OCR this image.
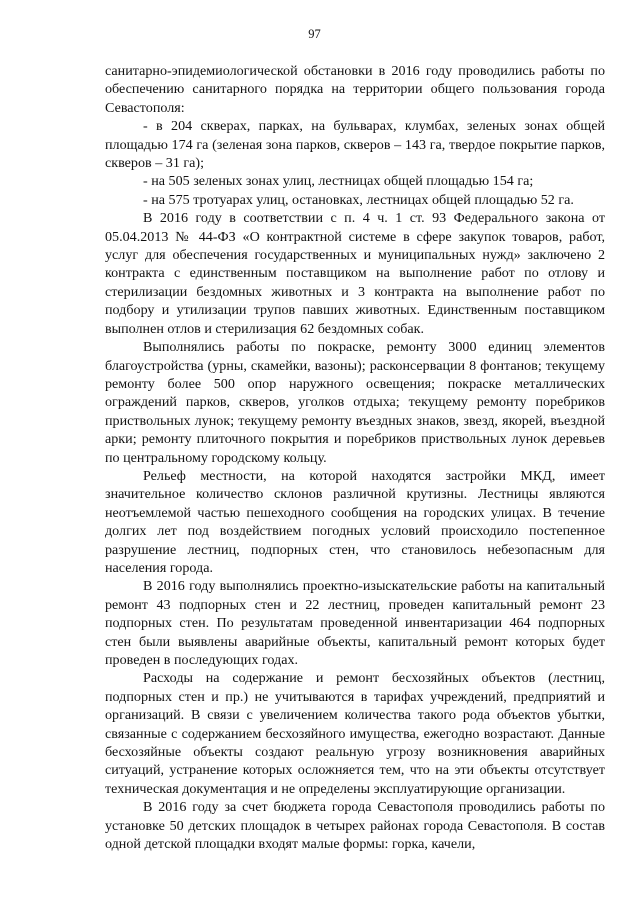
97

санитарно-эпидемиологической обстановки в 2016 году проводились работы по обеспечению санитарного порядка на территории общего пользования города Севастополя:

- в 204 скверах, парках, на бульварах, клумбах, зеленых зонах общей площадью 174 га (зеленая зона парков, скверов – 143 га, твердое покрытие парков, скверов – 31 га);

- на 505 зеленых зонах улиц, лестницах общей площадью 154 га;

- на 575 тротуарах улиц, остановках, лестницах общей площадью 52 га.

В 2016 году в соответствии с п. 4 ч. 1 ст. 93 Федерального закона от 05.04.2013 № 44-ФЗ «О контрактной системе в сфере закупок товаров, работ, услуг для обеспечения государственных и муниципальных нужд» заключено 2 контракта с единственным поставщиком на выполнение работ по отлову и стерилизации бездомных животных и 3 контракта на выполнение работ по подбору и утилизации трупов павших животных. Единственным поставщиком выполнен отлов и стерилизация 62 бездомных собак.

Выполнялись работы по покраске, ремонту 3000 единиц элементов благоустройства (урны, скамейки, вазоны); расконсервации 8 фонтанов; текущему ремонту более 500 опор наружного освещения; покраске металлических ограждений парков, скверов, уголков отдыха; текущему ремонту поребриков приствольных лунок; текущему ремонту въездных знаков, звезд, якорей, въездной арки; ремонту плиточного покрытия и поребриков приствольных лунок деревьев по центральному городскому кольцу.

Рельеф местности, на которой находятся застройки МКД, имеет значительное количество склонов различной крутизны. Лестницы являются неотъемлемой частью пешеходного сообщения на городских улицах. В течение долгих лет под воздействием погодных условий происходило постепенное разрушение лестниц, подпорных стен, что становилось небезопасным для населения города.

В 2016 году выполнялись проектно-изыскательские работы на капитальный ремонт 43 подпорных стен и 22 лестниц, проведен капитальный ремонт 23 подпорных стен. По результатам проведенной инвентаризации 464 подпорных стен были выявлены аварийные объекты, капитальный ремонт которых будет проведен в последующих годах.

Расходы на содержание и ремонт бесхозяйных объектов (лестниц, подпорных стен и пр.) не учитываются в тарифах учреждений, предприятий и организаций. В связи с увеличением количества такого рода объектов убытки, связанные с содержанием бесхозяйного имущества, ежегодно возрастают. Данные бесхозяйные объекты создают реальную угрозу возникновения аварийных ситуаций, устранение которых осложняется тем, что на эти объекты отсутствует техническая документация и не определены эксплуатирующие организации.

В 2016 году за счет бюджета города Севастополя проводились работы по установке 50 детских площадок в четырех районах города Севастополя. В состав одной детской площадки входят малые формы: горка, качели,
